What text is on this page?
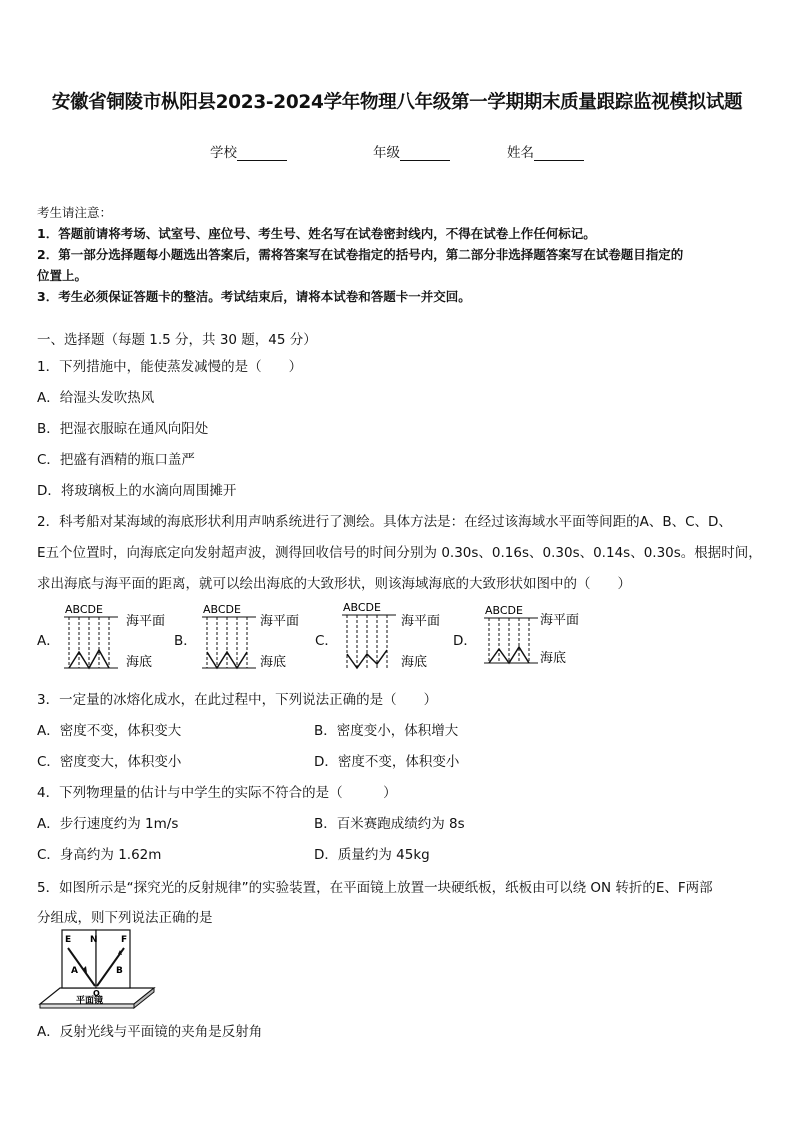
安徽省铜陵市枞阳县2023-2024学年物理八年级第一学期期末质量跟踪监视模拟试题
学校	年级	姓名
考生请注意：
1．答题前请将考场、试室号、座位号、考生号、姓名写在试卷密封线内，不得在试卷上作任何标记。
2．第一部分选择题每小题选出答案后，需将答案写在试卷指定的括号内，第二部分非选择题答案写在试卷题目指定的
位置上。
3．考生必须保证答题卡的整洁。考试结束后，请将本试卷和答题卡一并交回。
一、选择题（每题 1.5 分，共 30 题，45 分）
1．下列措施中，能使蒸发减慢的是（　　）
A．给湿头发吹热风
B．把湿衣服晾在通风向阳处
C．把盛有酒精的瓶口盖严
D．将玻璃板上的水滴向周围摊开
2．科考船对某海域的海底形状利用声呐系统进行了测绘。具体方法是：在经过该海域水平面等间距的A、B、C、D、
E五个位置时，向海底定向发射超声波，测得回收信号的时间分别为 0.30s、0.16s、0.30s、0.14s、0.30s。根据时间，
求出海底与海平面的距离，就可以绘出海底的大致形状，则该海域海底的大致形状如图中的（　　）
A．
ABCDE
海平面
海底
B．
ABCDE
海平面
海底
C．
ABCDE
海平面
海底
D．
ABCDE
海平面
海底
3．一定量的冰熔化成水，在此过程中，下列说法正确的是（　　）
A．密度不变，体积变大	B．密度变小，体积增大
C．密度变大，体积变小	D．密度不变，体积变小
4．下列物理量的估计与中学生的实际不符合的是（　　　）
A．步行速度约为 1m/s	B．百米赛跑成绩约为 8s
C．身高约为 1.62m	D．质量约为 45kg
5．如图所示是“探究光的反射规律”的实验装置，在平面镜上放置一块硬纸板，纸板由可以绕 ON 转折的E、F两部
分组成，则下列说法正确的是
E N	F
A	B
O
平面镜
A．反射光线与平面镜的夹角是反射角
